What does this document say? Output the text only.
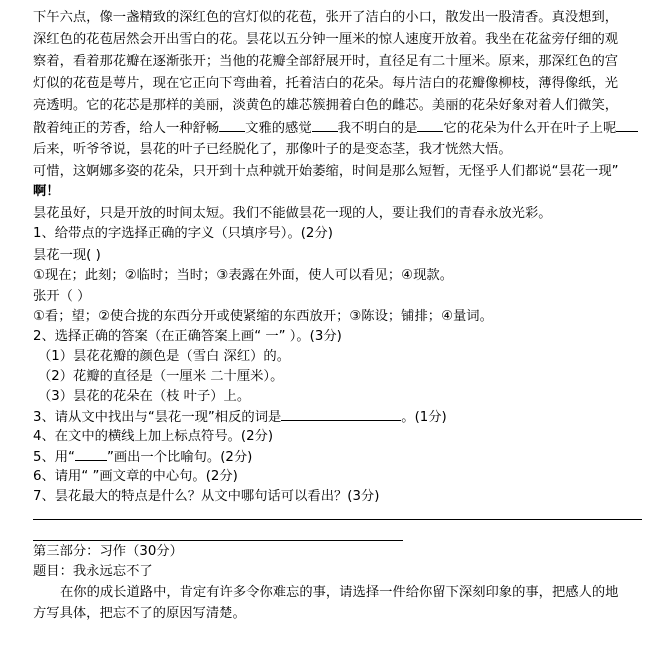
下午六点，像一盏精致的深红色的宫灯似的花苞，张开了洁白的小口，散发出一股清香。真没想到，
深红色的花苞居然会开出雪白的花。昙花以五分钟一厘米的惊人速度开放着。我坐在花盆旁仔细的观
察着，看着那花瓣在逐渐张开；当他的花瓣全部舒展开时，直径足有二十厘米。原来，那深红色的宫
灯似的花苞是萼片，现在它正向下弯曲着，托着洁白的花朵。每片洁白的花瓣像柳枝，薄得像纸，光
亮透明。它的花芯是那样的美丽，淡黄色的雄芯簇拥着白色的雌芯。美丽的花朵好象对着人们微笑，
散着纯正的芳香，给人一种舒畅 文雅的感觉 我不明白的是 它的花朵为什么开在叶子上呢
后来，听爷爷说，昙花的叶子已经脱化了，那像叶子的是变态茎，我才恍然大悟。
可惜，这婀娜多姿的花朵，只开到十点种就开始萎缩，时间是那么短暂，无怪乎人们都说“昙花一现”
啊！
昙花虽好，只是开放的时间太短。我们不能做昙花一现的人，要让我们的青春永放光彩。
1、给带点的字选择正确的字义（只填序号）。(2分)
昙花一现( )
①现在；此刻；②临时；当时；③表露在外面，使人可以看见；④现款。
张开（ ）
①看；望；②使合拢的东西分开或使紧缩的东西放开；③陈设；铺排；④量词。
2、选择正确的答案（在正确答案上画“ 一” ）。(3分)
（1）昙花花瓣的颜色是（雪白 深红）的。
（2）花瓣的直径是（一厘米 二十厘米）。
（3）昙花的花朵在（枝 叶子）上。
3、请从文中找出与“昙花一现”相反的词是	。(1分)
4、在文中的横线上加上标点符号。(2分)
5、用“ ”画出一个比喻句。(2分)
6、请用“ ”画文章的中心句。(2分)
7、昙花最大的特点是什么？从文中哪句话可以看出？(3分)
第三部分：习作（30分）
题目：我永远忘不了
在你的成长道路中，肯定有许多令你难忘的事，请选择一件给你留下深刻印象的事，把感人的地
方写具体，把忘不了的原因写清楚。
